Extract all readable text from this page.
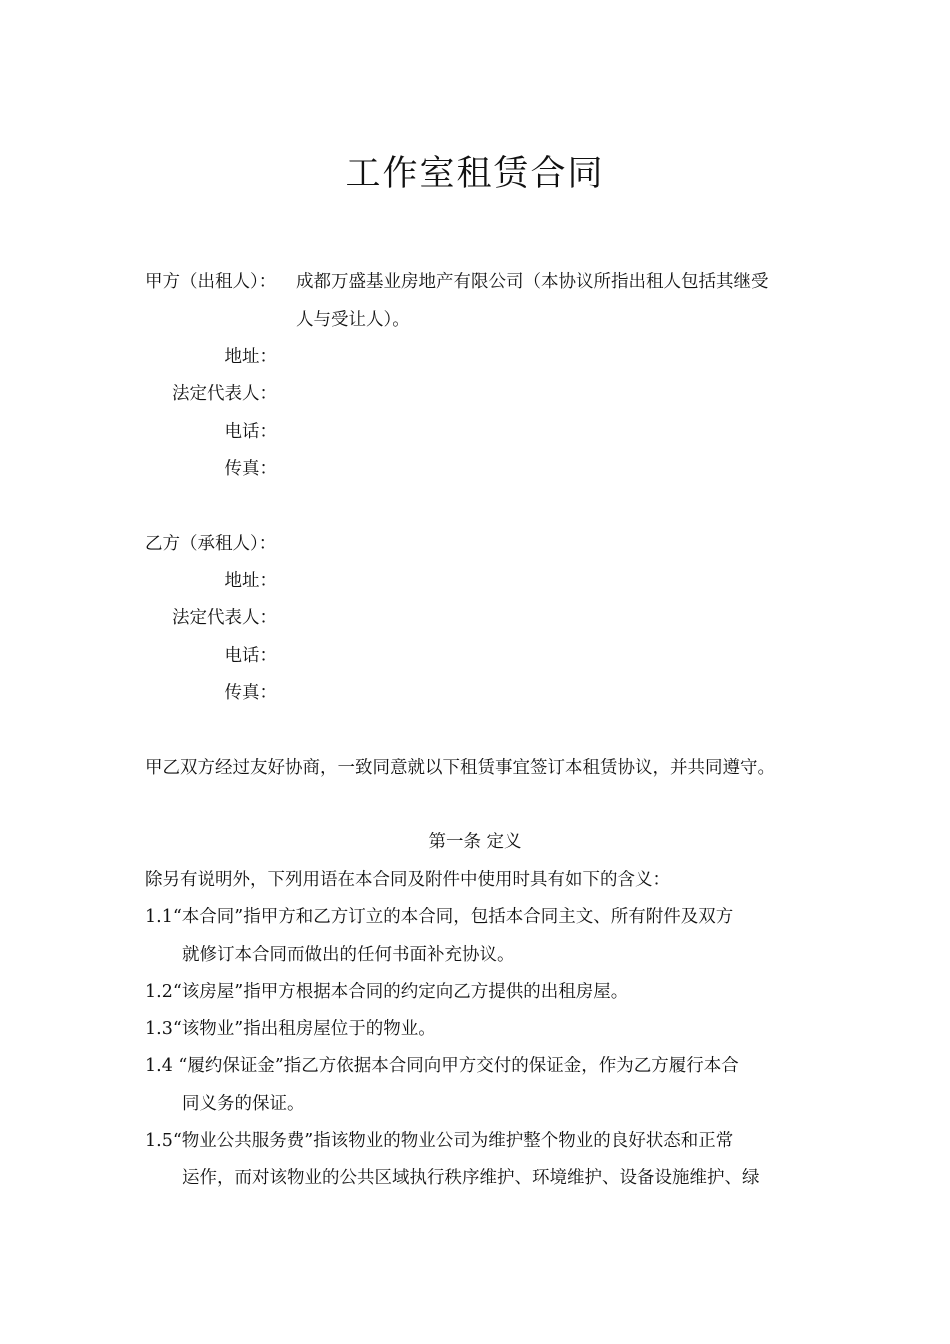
工作室租赁合同
甲方（出租人）： 成都万盛基业房地产有限公司（本协议所指出租人包括其继受
人与受让人）。
地址：
法定代表人：
电话：
传真：
乙方（承租人）：
地址：
法定代表人：
电话：
传真：
甲乙双方经过友好协商，一致同意就以下租赁事宜签订本租赁协议，并共同遵守。
第一条 定义
除另有说明外，下列用语在本合同及附件中使用时具有如下的含义：
1.1“本合同”指甲方和乙方订立的本合同，包括本合同主文、所有附件及双方
就修订本合同而做出的任何书面补充协议。
1.2“该房屋”指甲方根据本合同的约定向乙方提供的出租房屋。
1.3“该物业”指出租房屋位于的物业。
1.4 “履约保证金”指乙方依据本合同向甲方交付的保证金，作为乙方履行本合
同义务的保证。
1.5“物业公共服务费”指该物业的物业公司为维护整个物业的良好状态和正常
运作，而对该物业的公共区域执行秩序维护、环境维护、设备设施维护、绿
